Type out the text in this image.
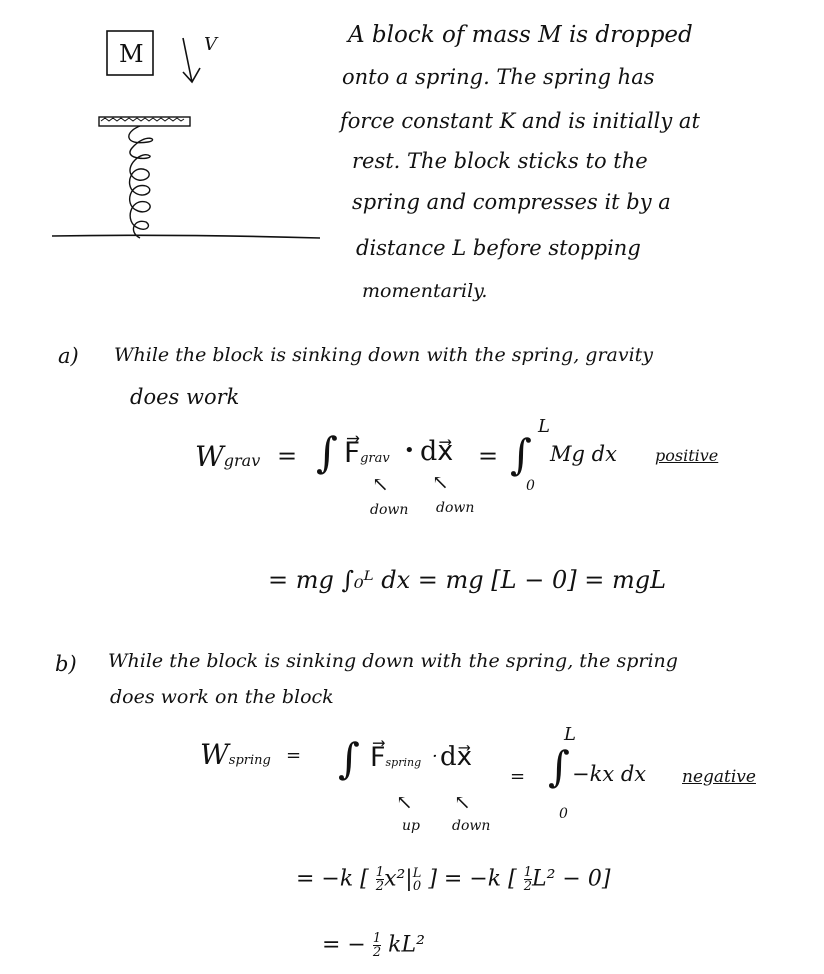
M	V	A block of mass M is dropped
onto a spring. The spring has
force constant K and is initially at
rest. The block sticks to the
spring and compresses it by a
distance L before stopping
momentarily.
a) While the block is sinking down with the spring, gravity
does work
Wgrav = ∫ F⃗grav • dx⃗ = ∫
L
0
Mg dx positive
↖ ↖
down down
= mg ∫₀ᴸ dx = mg [L − 0] = mgL
b) While the block is sinking down with the spring, the spring
does work on the block
Wspring = ∫ F⃗spring · dx⃗
= ∫
L
0
−kx dx negative
↖ ↖
up down
= −k [ $\frac{1}{2} x^2|$ L
0 ] = −k [ $\frac{1}{2} L^2 - 0$]
= − $\frac{1}{2} kL^2$
